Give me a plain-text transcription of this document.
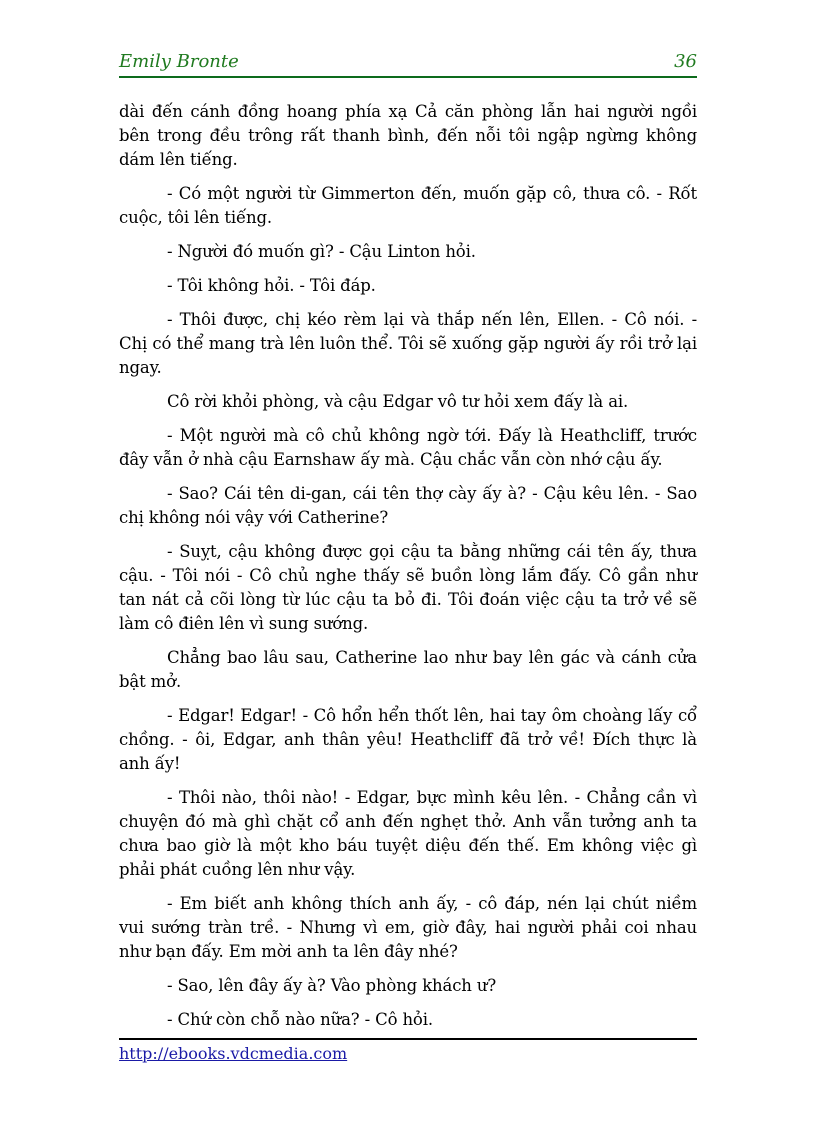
Emily Bronte	36

dài đến cánh đồng hoang phía xạ Cả căn phòng lẫn hai người ngồi bên trong đều trông rất thanh bình, đến nỗi tôi ngập ngừng không dám lên tiếng.

- Có một người từ Gimmerton đến, muốn gặp cô, thưa cô. - Rốt cuộc, tôi lên tiếng.

- Người đó muốn gì? - Cậu Linton hỏi.

- Tôi không hỏi. - Tôi đáp.

- Thôi được, chị kéo rèm lại và thắp nến lên, Ellen. - Cô nói. - Chị có thể mang trà lên luôn thể. Tôi sẽ xuống gặp người ấy rồi trở lại ngay.

Cô rời khỏi phòng, và cậu Edgar vô tư hỏi xem đấy là ai.

- Một người mà cô chủ không ngờ tới. Đấy là Heathcliff, trước đây vẫn ở nhà cậu Earnshaw ấy mà. Cậu chắc vẫn còn nhớ cậu ấy.

- Sao? Cái tên di-gan, cái tên thợ cày ấy à? - Cậu kêu lên. - Sao chị không nói vậy với Catherine?

- Suỵt, cậu không được gọi cậu ta bằng những cái tên ấy, thưa cậu. - Tôi nói - Cô chủ nghe thấy sẽ buồn lòng lắm đấy. Cô gần như tan nát cả cõi lòng từ lúc cậu ta bỏ đi. Tôi đoán việc cậu ta trở về sẽ làm cô điên lên vì sung sướng.

Chẳng bao lâu sau, Catherine lao như bay lên gác và cánh cửa bật mở.

- Edgar! Edgar! - Cô hổn hển thốt lên, hai tay ôm choàng lấy cổ chồng. - ôi, Edgar, anh thân yêu! Heathcliff đã trở về! Đích thực là anh ấy!

- Thôi nào, thôi nào! - Edgar, bực mình kêu lên. - Chẳng cần vì chuyện đó mà ghì chặt cổ anh đến nghẹt thở. Anh vẫn tưởng anh ta chưa bao giờ là một kho báu tuyệt diệu đến thế. Em không việc gì phải phát cuồng lên như vậy.

- Em biết anh không thích anh ấy, - cô đáp, nén lại chút niềm vui sướng tràn trề. - Nhưng vì em, giờ đây, hai người phải coi nhau như bạn đấy. Em mời anh ta lên đây nhé?

- Sao, lên đây ấy à? Vào phòng khách ư?

- Chứ còn chỗ nào nữa? - Cô hỏi.

http://ebooks.vdcmedia.com
